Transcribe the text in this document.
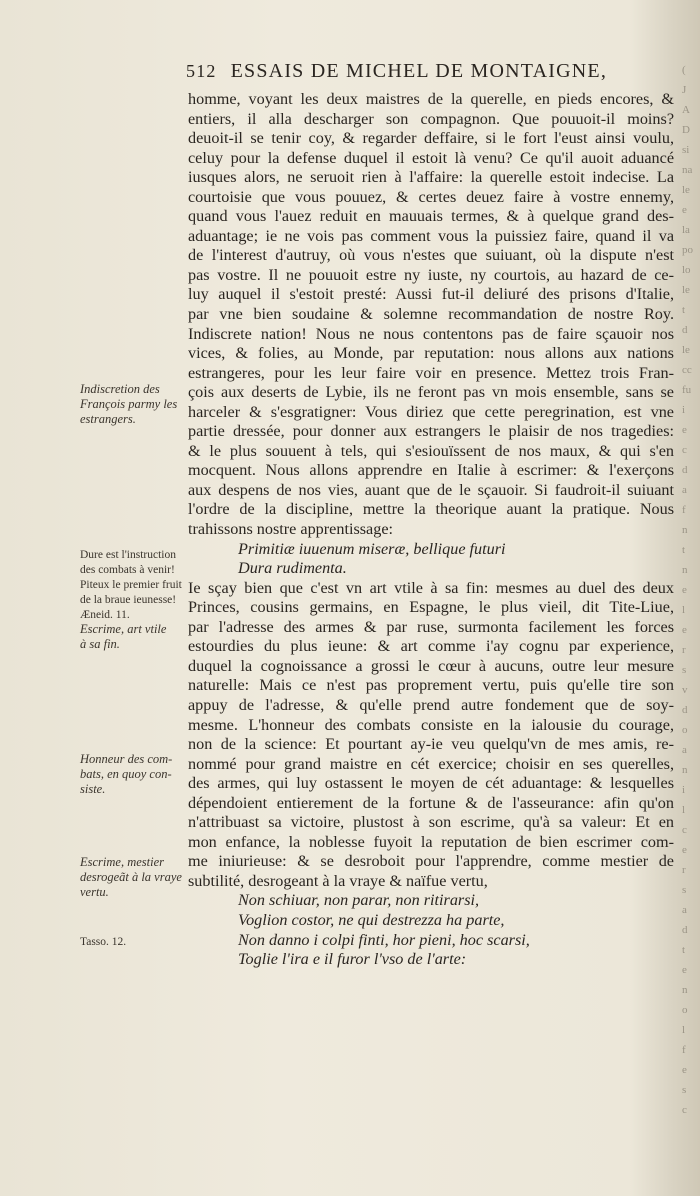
512 ESSAIS DE MICHEL DE MONTAIGNE,
homme, voyant les deux maistres de la querelle, en pieds encores, &
entiers, il alla descharger son compagnon. Que pouuoit-il moins?
deuoit-il se tenir coy, & regarder deffaire, si le fort l'eust ainsi voulu,
celuy pour la defense duquel il estoit là venu? Ce qu'il auoit aduancé
iusques alors, ne seruoit rien à l'affaire: la querelle estoit indecise. La
courtoisie que vous pouuez, & certes deuez faire à vostre ennemy,
quand vous l'auez reduit en mauuais termes, & à quelque grand des-
aduantage; ie ne vois pas comment vous la puissiez faire, quand il va
de l'interest d'autruy, où vous n'estes que suiuant, où la dispute n'est
pas vostre. Il ne pouuoit estre ny iuste, ny courtois, au hazard de ce-
luy auquel il s'estoit presté: Aussi fut-il deliuré des prisons d'Italie,
par vne bien soudaine & solemne recommandation de nostre Roy.
Indiscrete nation! Nous ne nous contentons pas de faire sçauoir nos
vices, & folies, au Monde, par reputation: nous allons aux nations
estrangeres, pour les leur faire voir en presence. Mettez trois Fran-
çois aux deserts de Lybie, ils ne feront pas vn mois ensemble, sans se
harceler & s'esgratigner: Vous diriez que cette peregrination, est vne
partie dressée, pour donner aux estrangers le plaisir de nos tragedies:
& le plus souuent à tels, qui s'esiouïssent de nos maux, & qui s'en
mocquent. Nous allons apprendre en Italie à escrimer: & l'exerçons
aux despens de nos vies, auant que de le sçauoir. Si faudroit-il suiuant
l'ordre de la discipline, mettre la theorique auant la pratique. Nous
trahissons nostre apprentissage:
Primitiæ iuuenum miseræ, bellique futuri
Dura rudimenta.
Ie sçay bien que c'est vn art vtile à sa fin: mesmes au duel des deux
Princes, cousins germains, en Espagne, le plus vieil, dit Tite-Liue,
par l'adresse des armes & par ruse, surmonta facilement les forces
estourdies du plus ieune: & art comme i'ay cognu par experience,
duquel la cognoissance a grossi le cœur à aucuns, outre leur mesure
naturelle: Mais ce n'est pas proprement vertu, puis qu'elle tire son
appuy de l'adresse, & qu'elle prend autre fondement que de soy-
mesme. L'honneur des combats consiste en la ialousie du courage,
non de la science: Et pourtant ay-ie veu quelqu'vn de mes amis, re-
nommé pour grand maistre en cét exercice; choisir en ses querelles,
des armes, qui luy ostassent le moyen de cét aduantage: & lesquelles
dépendoient entierement de la fortune & de l'asseurance: afin qu'on
n'attribuast sa victoire, plustost à son escrime, qu'à sa valeur: Et en
mon enfance, la noblesse fuyoit la reputation de bien escrimer com-
me iniurieuse: & se desroboit pour l'apprendre, comme mestier de
subtilité, desrogeant à la vraye & naïfue vertu,
Non schiuar, non parar, non ritirarsi,
Voglion costor, ne qui destrezza ha parte,
Non danno i colpi finti, hor pieni, hoc scarsi,
Toglie l'ira e il furor l'vso de l'arte:
Indiscretion des
François parmy les
estrangers.
Dure est l'instruction
des combats à venir!
Piteux le premier fruit
de la braue ieunesse!
Æneid. 11.
Escrime, art vtile
à sa fin.
Honneur des com-
bats, en quoy con-
siste.
Escrime, mestier
desrogeãt à la vraye
vertu.
Tasso. 12.
(
J
A
D
si
na
le
e
la
po
lo
le
t
d
le
cc
fu
i
e
c
d
a
f
n
t
n
e
l
e
r
s
v
d
o
a
n
i
l
c
e
r
s
a
d
t
e
n
o
l
f
e
s
c
